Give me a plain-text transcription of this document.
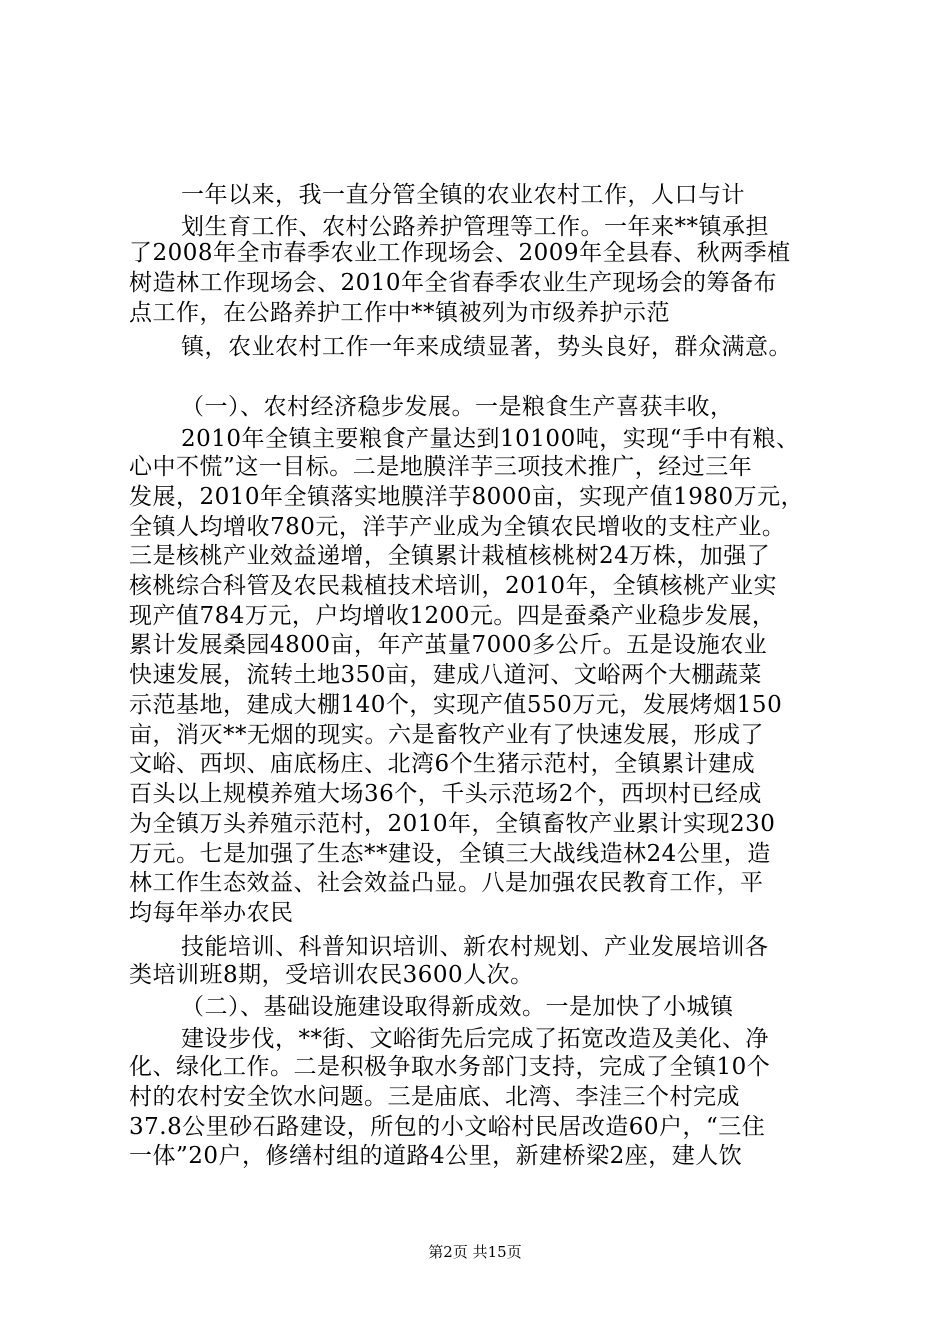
一年以来，我一直分管全镇的农业农村工作，人口与计
划生育工作、农村公路养护管理等工作。一年来**镇承担
了2008年全市春季农业工作现场会、2009年全县春、秋两季植
树造林工作现场会、2010年全省春季农业生产现场会的筹备布
点工作，在公路养护工作中**镇被列为市级养护示范
镇，农业农村工作一年来成绩显著，势头良好，群众满意。
（一）、农村经济稳步发展。一是粮食生产喜获丰收，
2010年全镇主要粮食产量达到10100吨，实现“手中有粮、
心中不慌”这一目标。二是地膜洋芋三项技术推广，经过三年
发展，2010年全镇落实地膜洋芋8000亩，实现产值1980万元，
全镇人均增收780元，洋芋产业成为全镇农民增收的支柱产业。
三是核桃产业效益递增，全镇累计栽植核桃树24万株，加强了
核桃综合科管及农民栽植技术培训，2010年，全镇核桃产业实
现产值784万元，户均增收1200元。四是蚕桑产业稳步发展，
累计发展桑园4800亩，年产茧量7000多公斤。五是设施农业
快速发展，流转土地350亩，建成八道河、文峪两个大棚蔬菜
示范基地，建成大棚140个，实现产值550万元，发展烤烟150
亩，消灭**无烟的现实。六是畜牧产业有了快速发展，形成了
文峪、西坝、庙底杨庄、北湾6个生猪示范村，全镇累计建成
百头以上规模养殖大场36个，千头示范场2个，西坝村已经成
为全镇万头养殖示范村，2010年，全镇畜牧产业累计实现230
万元。七是加强了生态**建设，全镇三大战线造林24公里，造
林工作生态效益、社会效益凸显。八是加强农民教育工作，平
均每年举办农民
技能培训、科普知识培训、新农村规划、产业发展培训各
类培训班8期，受培训农民3600人次。
（二）、基础设施建设取得新成效。一是加快了小城镇
建设步伐，**街、文峪街先后完成了拓宽改造及美化、净
化、绿化工作。二是积极争取水务部门支持，完成了全镇10个
村的农村安全饮水问题。三是庙底、北湾、李洼三个村完成
37.8公里砂石路建设，所包的小文峪村民居改造60户，“三住
一体”20户，修缮村组的道路4公里，新建桥梁2座，建人饮
第2页 共15页
